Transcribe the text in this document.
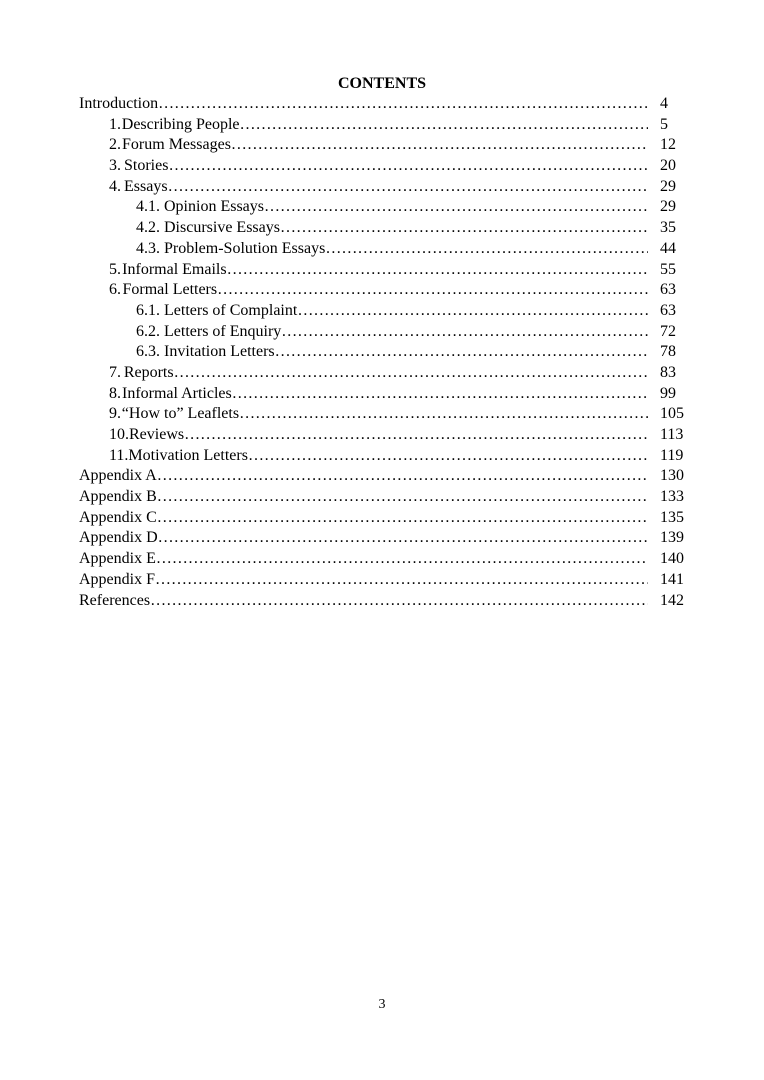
CONTENTS
Introduction ………………………………………………………………………………………………………………………………………………	4
1. Describing People ………………………………………………………………………………………………………………………………………………	5
2. Forum Messages ………………………………………………………………………………………………………………………………………………	12
3. Stories ………………………………………………………………………………………………………………………………………………	20
4. Essays ………………………………………………………………………………………………………………………………………………	29
4.1. Opinion Essays ………………………………………………………………………………………………………………………………………………	29
4.2. Discursive Essays ………………………………………………………………………………………………………………………………………………	35
4.3. Problem-Solution Essays ………………………………………………………………………………………………………………………………………………	44
5. Informal Emails ………………………………………………………………………………………………………………………………………………	55
6. Formal Letters ………………………………………………………………………………………………………………………………………………	63
6.1. Letters of Complaint ………………………………………………………………………………………………………………………………………………	63
6.2. Letters of Enquiry ………………………………………………………………………………………………………………………………………………	72
6.3. Invitation Letters ………………………………………………………………………………………………………………………………………………	78
7. Reports ………………………………………………………………………………………………………………………………………………	83
8. Informal Articles ………………………………………………………………………………………………………………………………………………	99
9. “How to” Leaflets ………………………………………………………………………………………………………………………………………………	105
10. Reviews ………………………………………………………………………………………………………………………………………………	113
11. Motivation Letters ………………………………………………………………………………………………………………………………………………	119
Appendix A ………………………………………………………………………………………………………………………………………………	130
Appendix B ………………………………………………………………………………………………………………………………………………	133
Appendix C ………………………………………………………………………………………………………………………………………………	135
Appendix D ………………………………………………………………………………………………………………………………………………	139
Appendix E ………………………………………………………………………………………………………………………………………………	140
Appendix F ………………………………………………………………………………………………………………………………………………	141
References ………………………………………………………………………………………………………………………………………………	142
3
